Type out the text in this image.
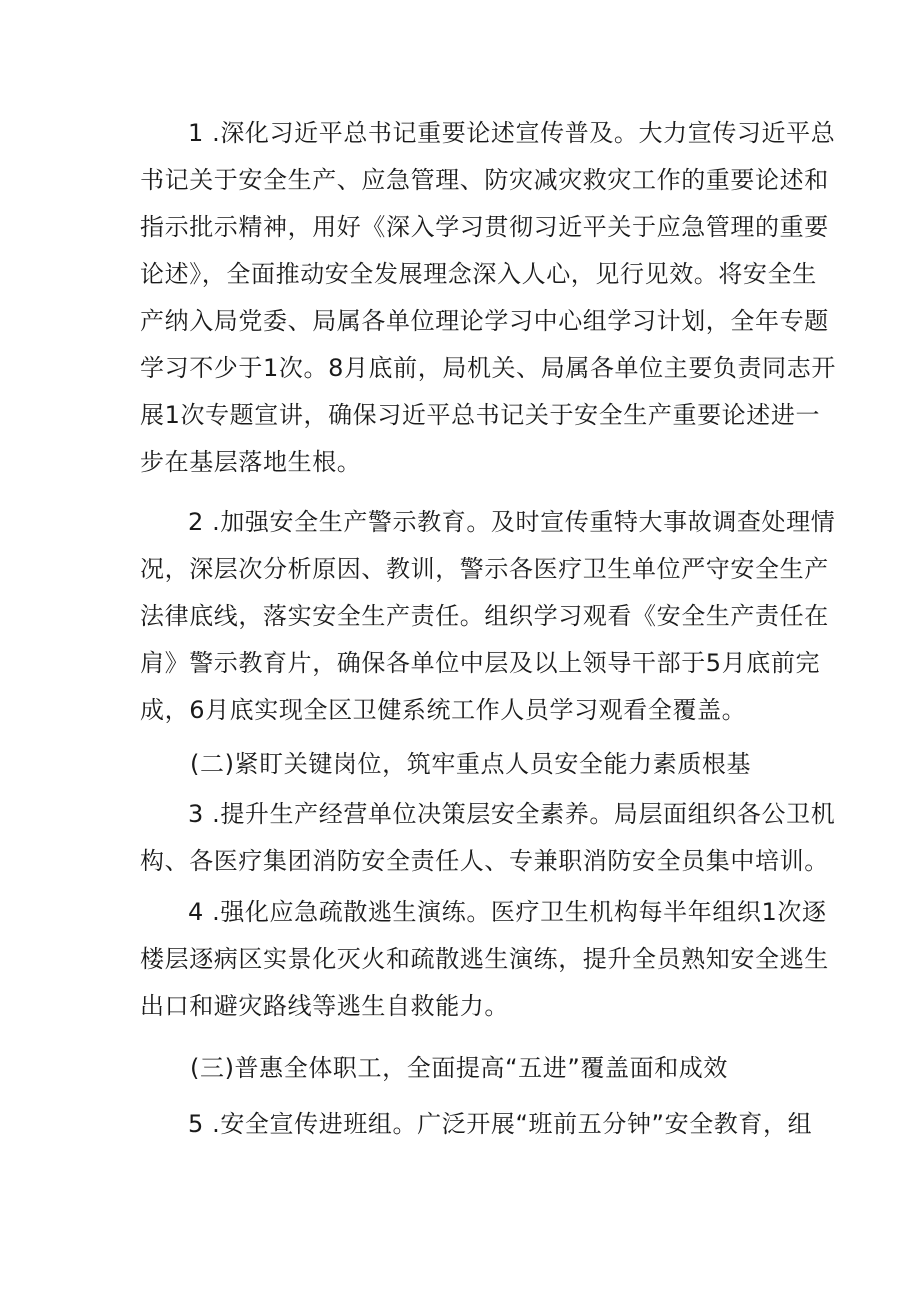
1 .深化习近平总书记重要论述宣传普及。大力宣传习近平总
书记关于安全生产、应急管理、防灾减灾救灾工作的重要论述和
指示批示精神，用好《深入学习贯彻习近平关于应急管理的重要
论述》，全面推动安全发展理念深入人心，见行见效。将安全生
产纳入局党委、局属各单位理论学习中心组学习计划，全年专题
学习不少于1次。8月底前，局机关、局属各单位主要负责同志开
展1次专题宣讲，确保习近平总书记关于安全生产重要论述进一
步在基层落地生根。
2 .加强安全生产警示教育。及时宣传重特大事故调查处理情
况，深层次分析原因、教训，警示各医疗卫生单位严守安全生产
法律底线，落实安全生产责任。组织学习观看《安全生产责任在
肩》警示教育片，确保各单位中层及以上领导干部于5月底前完
成，6月底实现全区卫健系统工作人员学习观看全覆盖。
(二)紧盯关键岗位，筑牢重点人员安全能力素质根基
3 .提升生产经营单位决策层安全素养。局层面组织各公卫机
构、各医疗集团消防安全责任人、专兼职消防安全员集中培训。
4 .强化应急疏散逃生演练。医疗卫生机构每半年组织1次逐
楼层逐病区实景化灭火和疏散逃生演练，提升全员熟知安全逃生
出口和避灾路线等逃生自救能力。
(三)普惠全体职工，全面提高“五进”覆盖面和成效
5 .安全宣传进班组。广泛开展“班前五分钟”安全教育，组
